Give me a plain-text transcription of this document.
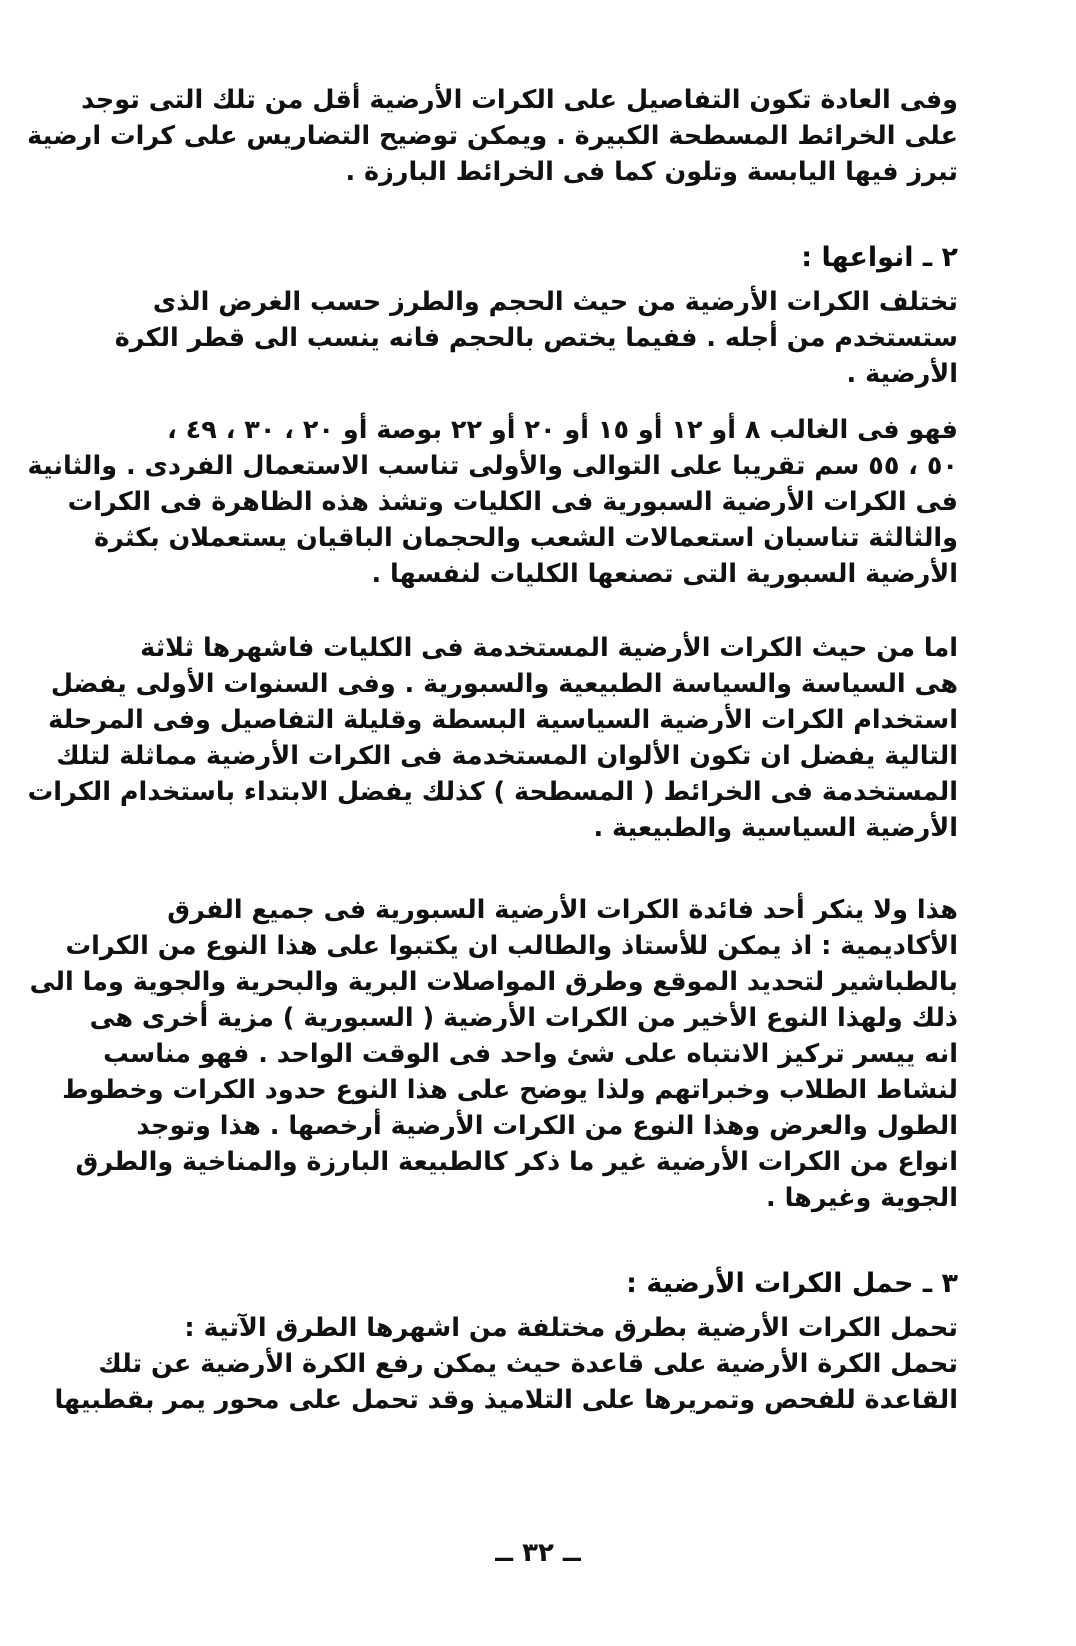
وفى العادة تكون التفاصيل على الكرات الأرضية أقل من تلك التى توجد
على الخرائط المسطحة الكبيرة . ويمكن توضيح التضاريس على كرات ارضية
تبرز فيها اليابسة وتلون كما فى الخرائط البارزة .
٢ ـ انواعها :
تختلف الكرات الأرضية من حيث الحجم والطرز حسب الغرض الذى
ستستخدم من أجله . ففيما يختص بالحجم فانه ينسب الى قطر الكرة
الأرضية .
فهو فى الغالب ٨ أو ١٢ أو ١٥ أو ٢٠ أو ٢٢ بوصة أو ٢٠ ، ٣٠ ، ٤٩ ،
٥٠ ، ٥٥ سم تقريبا على التوالى والأولى تناسب الاستعمال الفردى . والثانية
فى الكرات الأرضية السبورية فى الكليات وتشذ هذه الظاهرة فى الكرات
والثالثة تناسبان استعمالات الشعب والحجمان الباقيان يستعملان بكثرة
الأرضية السبورية التى تصنعها الكليات لنفسها .
اما من حيث الكرات الأرضية المستخدمة فى الكليات فاشهرها ثلاثة
هى السياسة والسياسة الطبيعية والسبورية . وفى السنوات الأولى يفضل
استخدام الكرات الأرضية السياسية البسطة وقليلة التفاصيل وفى المرحلة
التالية يفضل ان تكون الألوان المستخدمة فى الكرات الأرضية مماثلة لتلك
المستخدمة فى الخرائط ( المسطحة ) كذلك يفضل الابتداء باستخدام الكرات
الأرضية السياسية والطبيعية .
هذا ولا ينكر أحد فائدة الكرات الأرضية السبورية فى جميع الفرق
الأكاديمية : اذ يمكن للأستاذ والطالب ان يكتبوا على هذا النوع من الكرات
بالطباشير لتحديد الموقع وطرق المواصلات البرية والبحرية والجوية وما الى
ذلك ولهذا النوع الأخير من الكرات الأرضية ( السبورية ) مزية أخرى هى
انه ييسر تركيز الانتباه على شئ واحد فى الوقت الواحد . فهو مناسب
لنشاط الطلاب وخبراتهم ولذا يوضح على هذا النوع حدود الكرات وخطوط
الطول والعرض وهذا النوع من الكرات الأرضية أرخصها . هذا وتوجد
انواع من الكرات الأرضية غير ما ذكر كالطبيعة البارزة والمناخية والطرق
الجوية وغيرها .
٣ ـ حمل الكرات الأرضية :
تحمل الكرات الأرضية بطرق مختلفة من اشهرها الطرق الآتية :
تحمل الكرة الأرضية على قاعدة حيث يمكن رفع الكرة الأرضية عن تلك
القاعدة للفحص وتمريرها على التلاميذ وقد تحمل على محور يمر بقطبيها
ــ ٣٢ ــ
